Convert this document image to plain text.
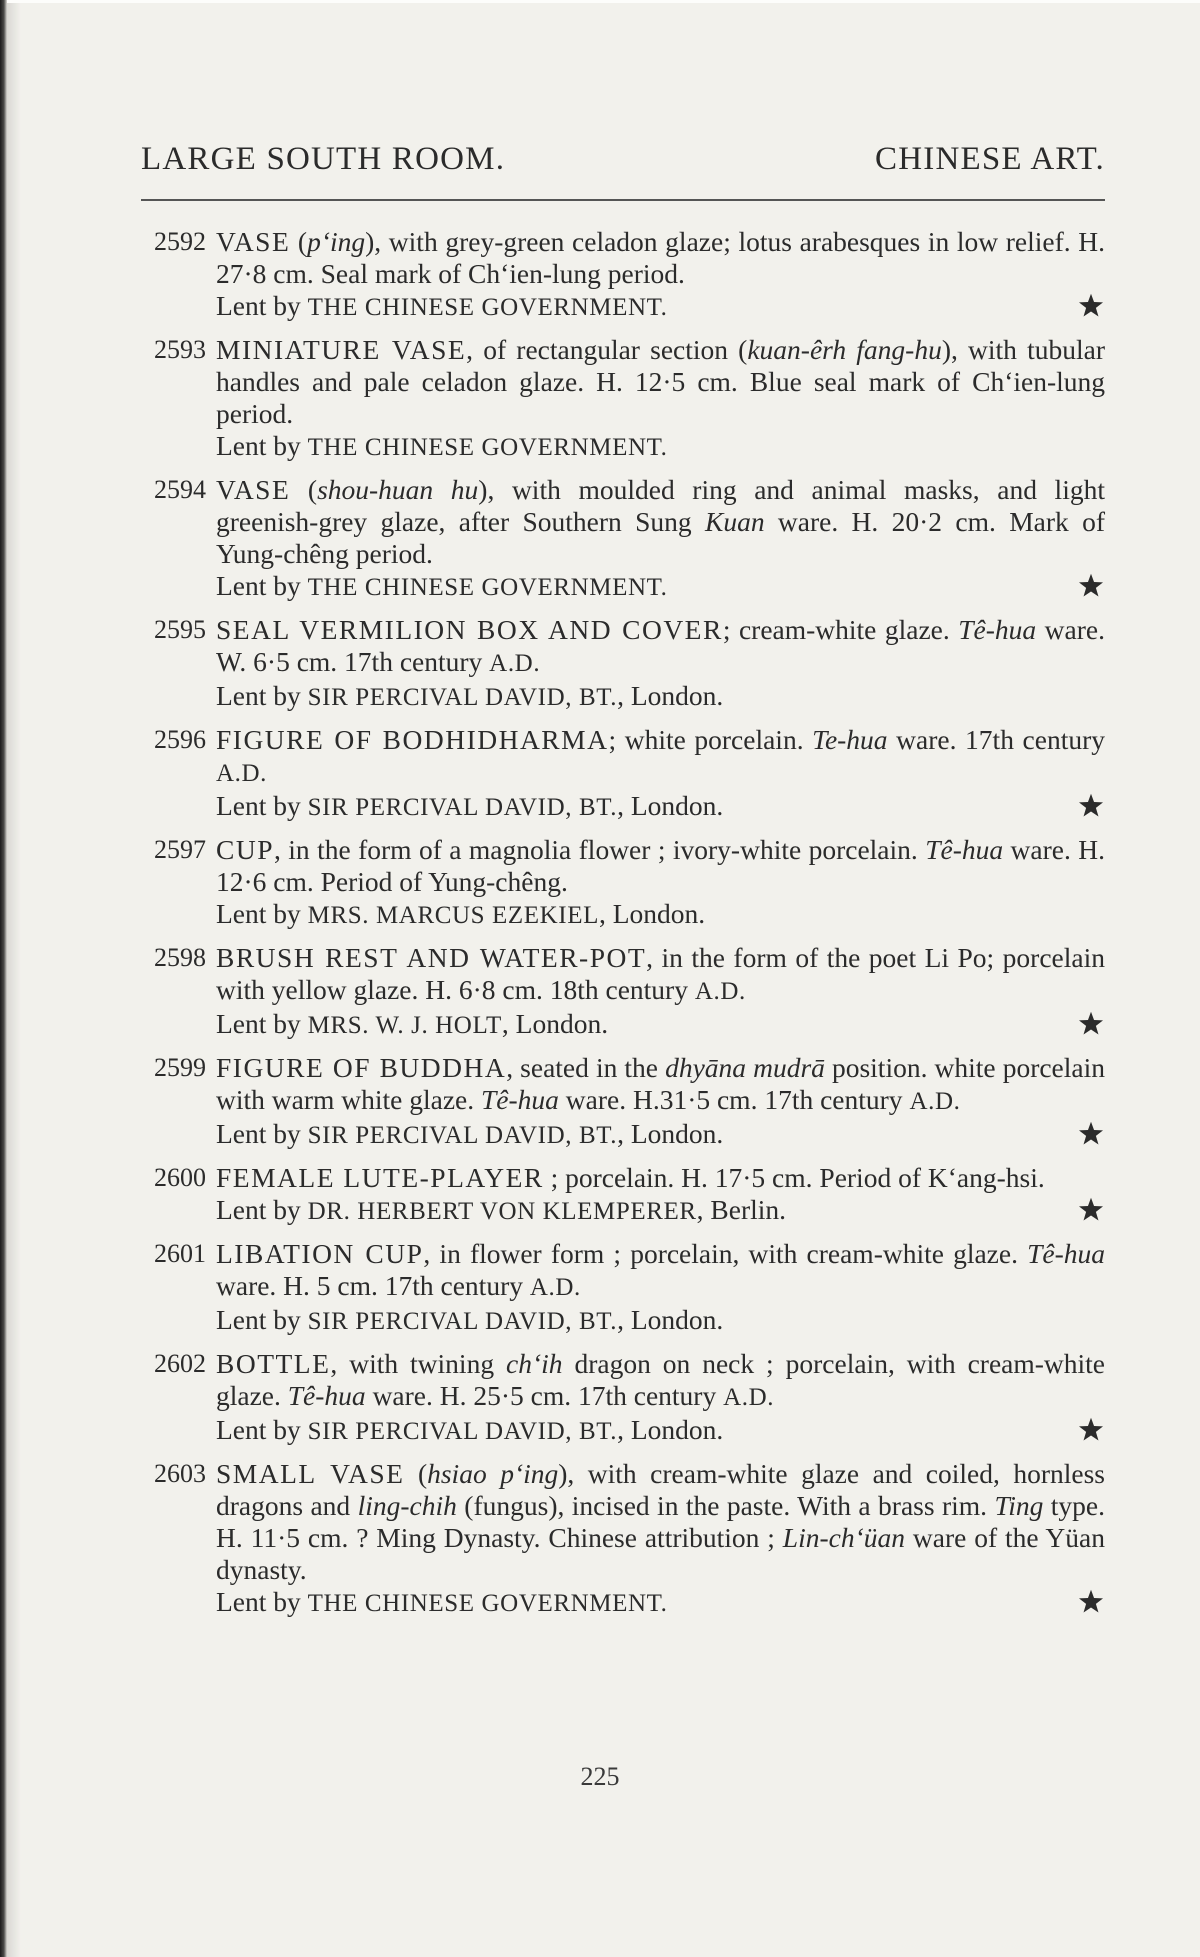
LARGE SOUTH ROOM.	CHINESE ART.
2592 VASE (p‘ing), with grey-green celadon glaze; lotus arabesques in low relief. H. 27·8 cm. Seal mark of Ch‘ien-lung period.
Lent by THE CHINESE GOVERNMENT.
2593 MINIATURE VASE, of rectangular section (kuan-êrh fang-hu), with tubular handles and pale celadon glaze. H. 12·5 cm. Blue seal mark of Ch‘ien-lung period.
Lent by THE CHINESE GOVERNMENT.
2594 VASE (shou-huan hu), with moulded ring and animal masks, and light greenish-grey glaze, after Southern Sung Kuan ware. H. 20·2 cm. Mark of Yung-chêng period.
Lent by THE CHINESE GOVERNMENT.
2595 SEAL VERMILION BOX AND COVER; cream-white glaze. Tê-hua ware. W. 6·5 cm. 17th century A.D.
Lent by SIR PERCIVAL DAVID, BT., London.
2596 FIGURE OF BODHIDHARMA; white porcelain. Te-hua ware. 17th century A.D.
Lent by SIR PERCIVAL DAVID, BT., London.
2597 CUP, in the form of a magnolia flower ; ivory-white porcelain. Tê-hua ware. H. 12·6 cm. Period of Yung-chêng.
Lent by MRS. MARCUS EZEKIEL, London.
2598 BRUSH REST AND WATER-POT, in the form of the poet Li Po; porcelain with yellow glaze. H. 6·8 cm. 18th century A.D.
Lent by MRS. W. J. HOLT, London.
2599 FIGURE OF BUDDHA, seated in the dhyāna mudrā position. white porcelain with warm white glaze. Tê-hua ware. H.31·5 cm. 17th century A.D.
Lent by SIR PERCIVAL DAVID, BT., London.
2600 FEMALE LUTE-PLAYER ; porcelain. H. 17·5 cm. Period of K‘ang-hsi.
Lent by DR. HERBERT VON KLEMPERER, Berlin.
2601 LIBATION CUP, in flower form ; porcelain, with cream-white glaze. Tê-hua ware. H. 5 cm. 17th century A.D.
Lent by SIR PERCIVAL DAVID, BT., London.
2602 BOTTLE, with twining ch‘ih dragon on neck ; porcelain, with cream-white glaze. Tê-hua ware. H. 25·5 cm. 17th century A.D.
Lent by SIR PERCIVAL DAVID, BT., London.
2603 SMALL VASE (hsiao p‘ing), with cream-white glaze and coiled, hornless dragons and ling-chih (fungus), incised in the paste. With a brass rim. Ting type. H. 11·5 cm. ? Ming Dynasty. Chinese attribution ; Lin-ch‘üan ware of the Yüan dynasty.
Lent by THE CHINESE GOVERNMENT.
225
